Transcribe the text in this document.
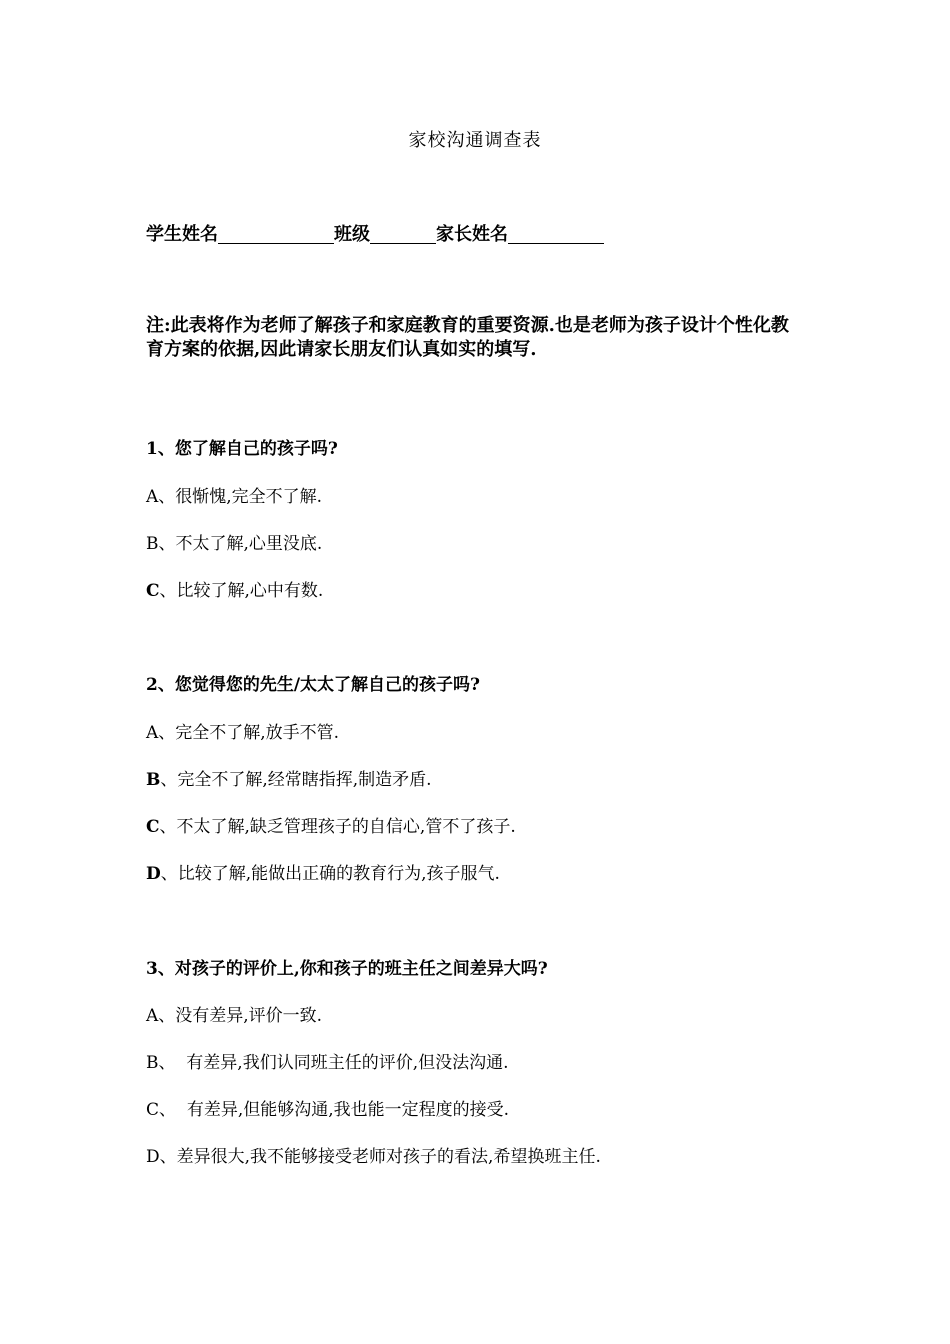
家校沟通调查表
学生姓名	班级	家长姓名
注:此表将作为老师了解孩子和家庭教育的重要资源.也是老师为孩子设计个性化教育方案的依据,因此请家长朋友们认真如实的填写.
1、您了解自己的孩子吗?
A、很惭愧,完全不了解.
B、不太了解,心里没底.
C、比较了解,心中有数.
2、您觉得您的先生/太太了解自己的孩子吗?
A、完全不了解,放手不管.
B、完全不了解,经常瞎指挥,制造矛盾.
C、不太了解,缺乏管理孩子的自信心,管不了孩子.
D、比较了解,能做出正确的教育行为,孩子服气.
3、对孩子的评价上,你和孩子的班主任之间差异大吗?
A、没有差异,评价一致.
B、  有差异,我们认同班主任的评价,但没法沟通.
C、  有差异,但能够沟通,我也能一定程度的接受.
D、差异很大,我不能够接受老师对孩子的看法,希望换班主任.
